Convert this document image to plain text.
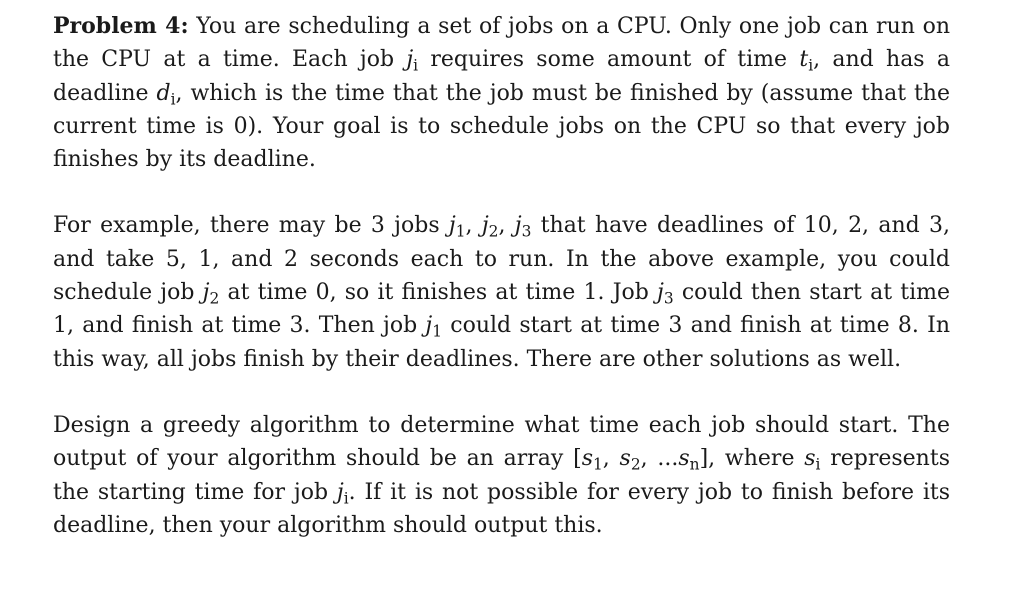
Problem 4: You are scheduling a set of jobs on a CPU. Only one job can run on the CPU at a time. Each job $j_i$ requires some amount of time $t_i$, and has a deadline $d_i$, which is the time that the job must be finished by (assume that the current time is 0). Your goal is to schedule jobs on the CPU so that every job finishes by its deadline.

For example, there may be 3 jobs $j_1$, $j_2$, $j_3$ that have deadlines of 10, 2, and 3, and take 5, 1, and 2 seconds each to run. In the above example, you could schedule job $j_2$ at time 0, so it finishes at time 1. Job $j_3$ could then start at time 1, and finish at time 3. Then job $j_1$ could start at time 3 and finish at time 8. In this way, all jobs finish by their deadlines. There are other solutions as well.

Design a greedy algorithm to determine what time each job should start. The output of your algorithm should be an array [$s_1$, $s_2$, $...s_n$], where $s_i$ represents the starting time for job $j_i$. If it is not possible for every job to finish before its deadline, then your algorithm should output this.
